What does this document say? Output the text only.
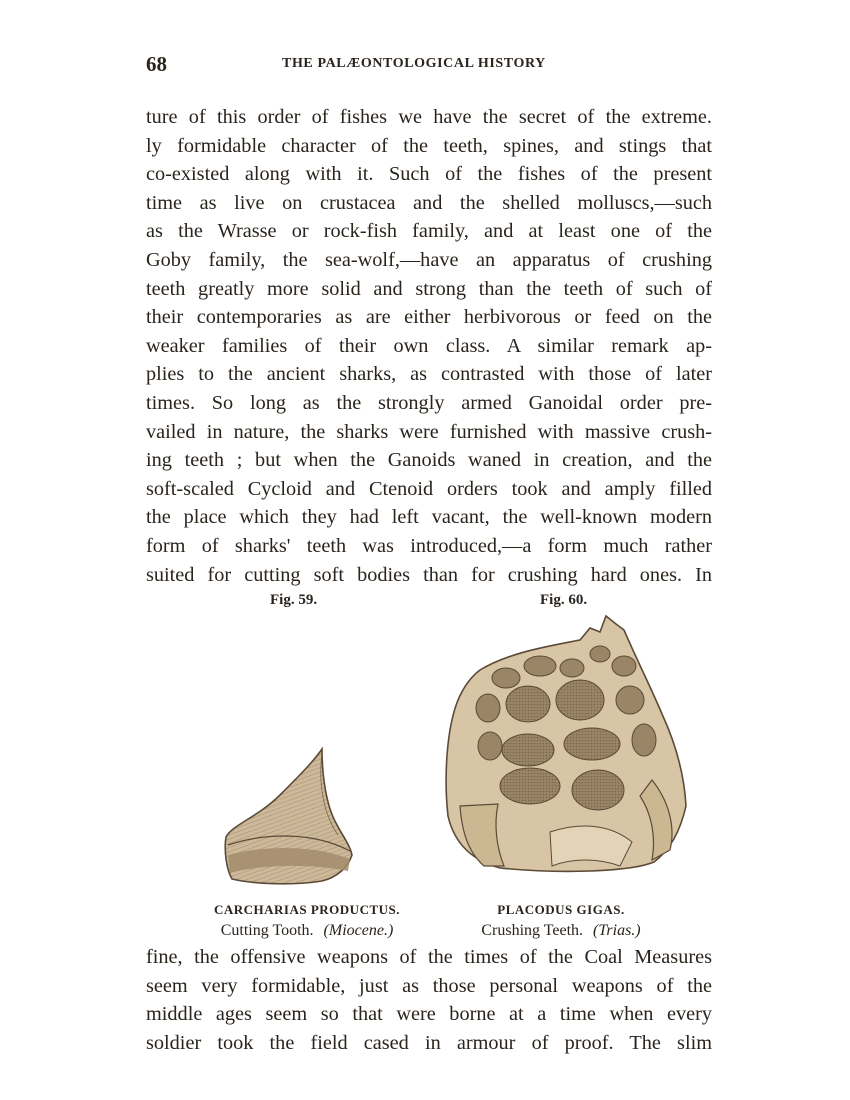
68	THE PALÆONTOLOGICAL HISTORY
ture of this order of fishes we have the secret of the extreme.
ly formidable character of the teeth, spines, and stings that
co-existed along with it. Such of the fishes of the present
time as live on crustacea and the shelled molluscs,—such
as the Wrasse or rock-fish family, and at least one of the
Goby family, the sea-wolf,—have an apparatus of crushing
teeth greatly more solid and strong than the teeth of such of
their contemporaries as are either herbivorous or feed on the
weaker families of their own class. A similar remark ap-
plies to the ancient sharks, as contrasted with those of later
times. So long as the strongly armed Ganoidal order pre-
vailed in nature, the sharks were furnished with massive crush-
ing teeth ; but when the Ganoids waned in creation, and the
soft-scaled Cycloid and Ctenoid orders took and amply filled
the place which they had left vacant, the well-known modern
form of sharks' teeth was introduced,—a form much rather
suited for cutting soft bodies than for crushing hard ones. In
Fig. 59.	Fig. 60.
CARCHARIAS PRODUCTUS.
Cutting Tooth. (Miocene.)
PLACODUS GIGAS.
Crushing Teeth. (Trias.)
fine, the offensive weapons of the times of the Coal Measures
seem very formidable, just as those personal weapons of the
middle ages seem so that were borne at a time when every
soldier took the field cased in armour of proof. The slim
